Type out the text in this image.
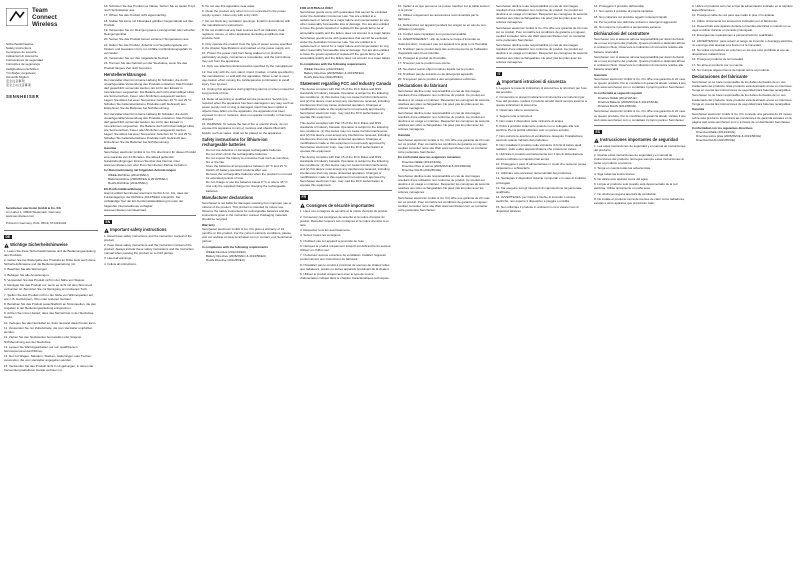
Team
Connect
Wireless
Sicherheitshinweise
Safety instructions
Consignes de sécurité
Indicazioni di sicurezza
Instrucciones de seguridad
Instruções de segurança
Veiligheidsvoorschriften
Υποδείξεις ασφαλείας
Güvenlik bilgileri
安全注意事项
安全上の注意事項
SENNHEISER
Sennheiser electronic GmbH & Co. KG
Am Labor 1, 30900 Wedemark, Germany
www.sennheiser.com
Printed in Germany, Publ. 05/19, 571319/A02
DE
Wichtige Sicherheitshinweise

1. Lesen Sie diese Sicherheitshinweise und die Bedienungsanleitung des Produkts.

2. Geben Sie bei Weitergabe des Produkts an Dritte stets auch diese Sicherheitshinweise und die Bedienungsanleitung mit.

3. Beachten Sie alle Warnungen.

4. Befolgen Sie alle Anweisungen.

5. Verwenden Sie das Produkt nicht in der Nähe von Wasser.

6. Reinigen Sie das Produkt nur, wenn es nicht mit dem Stromnetz verbunden ist. Benutzen Sie zur Reinigung ein trockenes Tuch.

7. Stellen Sie das Produkt nicht in der Nähe von Wärmequellen auf, wie z. B. Heizkörpern, Öfen oder anderen Geräten.

8. Betreiben Sie das Produkt ausschließlich an Stromquellen, die den Angaben in der Bedienungsanleitung entsprechen.

9. Achten Sie immer darauf, dass das Netzteil fest in der Steckdose steckt.

10. Verlegen Sie das Netzkabel so, dass niemand darauf treten kann.

11. Verwenden Sie nur Zubehörteile, die vom Hersteller empfohlen werden.

12. Ziehen Sie den Netzstecker bei Gewitter oder längerer Nichtbenutzung aus der Steckdose.

13. Lassen Sie Wartungsarbeiten nur von qualifiziertem Servicepersonal durchführen.

14. Nur mit Wagen, Ständern, Stativen, Halterungen oder Tischen verwenden, die vom Hersteller angegeben werden.

15. Verwenden Sie das Produkt nicht in Umgebungen, in denen die Verwendung kabelloser Geräte verboten ist.

16. Schützen Sie das Produkt vor Nässe. Setzen Sie es weder Tropf- noch Spritzwasser aus.

17. Öffnen Sie das Produkt nicht eigenmächtig.

18. Stellen Sie keine mit Flüssigkeit gefüllten Gegenstände auf das Produkt.

19. Verwenden Sie zur Reinigung keine Lösungsmittel oder scharfen Reinigungsmittel.

20. Setzen Sie das Produkt keinen extremen Temperaturen aus.

21. Halten Sie das Produkt, Zubehör und Verpackungsteile von Kindern und Haustieren fern, um Unfälle und Erstickungsgefahr zu vermeiden.

22. Verwenden Sie nur das mitgelieferte Netzteil.

23. Trennen Sie das Netzteil von der Steckdose, wenn Sie das Produkt längere Zeit nicht benutzen.

Herstellererklärungen

Der Hersteller übernimmt keine Haftung für Schäden, die durch unsachgemäße Verwendung des Produkts entstehen. Das Produkt darf gewerblich verwendet werden. Es ist für den Einsatz in Innenräumen vorgesehen. Die Batterie darf nicht übermäßiger Hitze wie Sonnenschein, Feuer oder Ähnlichem ausgesetzt werden. Lagern Sie Akkus bei einer Temperatur zwischen 10 °C und 25 °C. Schalten Sie batteriebetriebene Produkte nach Gebrauch aus. Entnehmen Sie die Batterien bei Nichtbenutzung.

Der Hersteller übernimmt keine Haftung für Schäden, die durch unsachgemäße Verwendung des Produkts entstehen. Das Produkt darf gewerblich verwendet werden. Es ist für den Einsatz in Innenräumen vorgesehen. Die Batterie darf nicht übermäßiger Hitze wie Sonnenschein, Feuer oder Ähnlichem ausgesetzt werden. Lagern Sie Akkus bei einer Temperatur zwischen 10 °C und 25 °C. Schalten Sie batteriebetriebene Produkte nach Gebrauch aus. Entnehmen Sie die Batterien bei Nichtbenutzung.

Garantie

Sennheiser electronic GmbH & Co. KG übernimmt für dieses Produkt eine Garantie von 24 Monaten. Die aktuell geltenden Garantiebedingungen können Sie über das Internet unter www.sennheiser.com oder Ihren Sennheiser-Partner beziehen.

In Übereinstimmung mit folgenden Anforderungen
• WEEE-Richtlinie (2012/19/EU)
• Batterierichtlinie (2006/66/EG & 2013/56/EU)
• RoHS-Richtlinie (2011/65/EU)
EU-Konformitätserklärung

Hiermit erklärt Sennheiser electronic GmbH & Co. KG, dass der Funkanlagentyp der Richtlinie 2014/53/EU entspricht. Der vollständige Text der EU-Konformitätserklärung ist unter der folgenden Internetadresse verfügbar: www.sennheiser.com/download.

EN
Important safety instructions

1. Read these safety instructions and the instruction manual of the product.

2. Keep these safety instructions and the instruction manual of the product. Always include these safety instructions and the instruction manual when passing the product on to third parties.

3. Heed all warnings.

4. Follow all instructions.

5. Do not use this apparatus near water.

6. Clean the product only when it is not connected to the power supply system. Clean only with a dry cloth.

7. Do not block any ventilation openings. Install in accordance with the manufacturer's instructions.

8. Do not install near any heat sources such as radiators, heat registers, stoves, or other apparatus (including amplifiers) that produce heat.

9. Only operate the product from the type of power source specified in the chapter Specifications and marked on the power supply unit.

10. Protect the power cord from being walked on or pinched, particularly at plugs, convenience receptacles, and the point where they exit from the apparatus.

11. Only use attachments/accessories specified by the manufacturer.

12. Use only with the cart, stand, tripod, bracket, or table specified by the manufacturer, or sold with the apparatus. When a cart is used, use caution when moving the cart/apparatus combination to avoid injury from tip-over.

13. Unplug this apparatus during lightning storms or when unused for long periods of time.

14. Refer all servicing to qualified service personnel. Servicing is required when the apparatus has been damaged in any way, such as power supply cord or plug is damaged, liquid has been spilled or objects have fallen into the apparatus, the apparatus has been exposed to rain or moisture, does not operate normally, or has been dropped.

15. WARNING: To reduce the risk of fire or electric shock, do not expose this apparatus to rain or moisture and objects filled with liquids, such as vases, shall not be placed on the apparatus.

Safety instructions for lithium-ion rechargeable batteries
• Do not use defective or damaged rechargeable batteries.
• Do not short-circuit the rechargeable batteries.
• Do not expose the battery to excessive heat such as sunshine, fire or the like.
• Store the batteries at temperatures between 10 °C and 25 °C.
• Switch off battery-operated products after use.
• Remove the rechargeable batteries when the product is not used for extended periods of time.
• Do not charge or use the batteries below 0 °C or above 45 °C.
• Use only the supplied charger for charging the rechargeable batteries.
Manufacturer declarations

Sennheiser is not liable for damages resulting from improper use or misuse of the product. This product is intended for indoor use. Observe the safety instructions for rechargeable batteries and the instructions given in the instruction manual. Packaging materials should be recycled.

Warranty

Sennheiser electronic GmbH & Co. KG gives a warranty of 24 months on this product. For the current warranty conditions, please visit our website at www.sennheiser.com or contact your Sennheiser partner.

In compliance with the following requirements
• WEEE Directive (2012/19/EU)
• Battery Directive (2006/66/EC & 2013/56/EU)
• RoHS Directive (2011/65/EU)
FOR AUSTRALIA ONLY

Sennheiser goods come with guarantees that cannot be excluded under the Australian Consumer Law. You are entitled to a replacement or refund for a major failure and compensation for any other reasonably foreseeable loss or damage. You are also entitled to have the goods repaired or replaced if the goods fail to be of acceptable quality and the failure does not amount to a major failure.

Sennheiser goods come with guarantees that cannot be excluded under the Australian Consumer Law. You are entitled to a replacement or refund for a major failure and compensation for any other reasonably foreseeable loss or damage. You are also entitled to have the goods repaired or replaced if the goods fail to be of acceptable quality and the failure does not amount to a major failure.

In compliance with the following requirements
• WEEE Directive (2012/19/EU)
• Battery Directive (2006/66/EC & 2013/56/EU)
• RoHS Directive (2011/65/EU)
Statement regarding FCC and Industry Canada

This device complies with Part 15 of the FCC Rules and RSS standards of Industry Canada. Operation is subject to the following two conditions: (1) this device may not cause harmful interference, and (2) this device must accept any interference received, including interference that may cause undesired operation. Changes or modifications made to this equipment not expressly approved by Sennheiser electronic Corp. may void the FCC authorization to operate this equipment.

This device complies with Part 15 of the FCC Rules and RSS standards of Industry Canada. Operation is subject to the following two conditions: (1) this device may not cause harmful interference, and (2) this device must accept any interference received, including interference that may cause undesired operation. Changes or modifications made to this equipment not expressly approved by Sennheiser electronic Corp. may void the FCC authorization to operate this equipment.

This device complies with Part 15 of the FCC Rules and RSS standards of Industry Canada. Operation is subject to the following two conditions: (1) this device may not cause harmful interference, and (2) this device must accept any interference received, including interference that may cause undesired operation. Changes or modifications made to this equipment not expressly approved by Sennheiser electronic Corp. may void the FCC authorization to operate this equipment.

FR
Consignes de sécurité importantes

1. Lisez ces consignes de sécurité et la notice d'emploi du produit.

2. Conservez ces consignes de sécurité et la notice d'emploi du produit. Remettez toujours ces consignes et la notice d'emploi à un tiers.

3. Respectez tous les avertissements.

4. Suivez toutes les consignes.

5. N'utilisez pas cet appareil à proximité de l'eau.

6. Nettoyez le produit uniquement lorsqu'il est débranché du secteur. Utilisez un chiffon sec.

7. N'obstruez aucune ouverture de ventilation. Installez l'appareil conformément aux instructions du fabricant.

8. N'installez pas le produit à proximité de sources de chaleur telles que radiateurs, poêles ou autres appareils produisant de la chaleur.

9. Utilisez le produit uniquement avec le type de source d'alimentation indiqué dans le chapitre Caractéristiques techniques.

10. Veillez à ce que personne ne puisse marcher sur le câble secteur ni le pincer.

11. Utilisez uniquement les accessoires recommandés par le fabricant.

12. Débranchez cet appareil pendant les orages ou en cas de non-utilisation prolongée.

13. Confiez toute réparation à un personnel qualifié.

14. AVERTISSEMENT : afin de réduire le risque d'incendie ou d'électrocution, n'exposez pas cet appareil à la pluie ou à l'humidité.

15. N'utilisez pas le produit dans des environnements où l'utilisation d'appareils sans fil est interdite.

16. Protégez le produit de l'humidité.

17. N'ouvrez pas le produit vous-même.

18. Ne placez aucun objet rempli de liquide sur le produit.

19. N'utilisez pas de solvants ou de détergents agressifs.

20. N'exposez pas le produit à des températures extrêmes.

Déclarations du fabricant

Sennheiser décline toute responsabilité en cas de dommages résultant d'une utilisation non conforme du produit. Ce produit est destiné à un usage en intérieur. Respectez les consignes de sécurité relatives aux piles rechargeables. Ne jetez pas les piles avec les ordures ménagères.

Sennheiser décline toute responsabilité en cas de dommages résultant d'une utilisation non conforme du produit. Ce produit est destiné à un usage en intérieur. Respectez les consignes de sécurité relatives aux piles rechargeables. Ne jetez pas les piles avec les ordures ménagères.

Garantie

Sennheiser electronic GmbH & Co. KG offre une garantie de 24 mois sur ce produit. Pour connaître les conditions de garantie en vigueur, veuillez consulter notre site Web www.sennheiser.com ou contacter votre partenaire Sennheiser.

En conformité avec les exigences suivantes
• Directive DEEE (2012/19/UE)
• Directive Piles et accus (2006/66/CE & 2013/56/UE)
• Directive RoHS (2011/65/UE)

Sennheiser décline toute responsabilité en cas de dommages résultant d'une utilisation non conforme du produit. Ce produit est destiné à un usage en intérieur. Respectez les consignes de sécurité relatives aux piles rechargeables. Ne jetez pas les piles avec les ordures ménagères.

Sennheiser electronic GmbH & Co. KG offre une garantie de 24 mois sur ce produit. Pour connaître les conditions de garantie en vigueur, veuillez consulter notre site Web www.sennheiser.com ou contacter votre partenaire Sennheiser.

Sennheiser décline toute responsabilité en cas de dommages résultant d'une utilisation non conforme du produit. Ce produit est destiné à un usage en intérieur. Respectez les consignes de sécurité relatives aux piles rechargeables. Ne jetez pas les piles avec les ordures ménagères.

Sennheiser electronic GmbH & Co. KG offre une garantie de 24 mois sur ce produit. Pour connaître les conditions de garantie en vigueur, veuillez consulter notre site Web www.sennheiser.com ou contacter votre partenaire Sennheiser.

Sennheiser décline toute responsabilité en cas de dommages résultant d'une utilisation non conforme du produit. Ce produit est destiné à un usage en intérieur. Respectez les consignes de sécurité relatives aux piles rechargeables. Ne jetez pas les piles avec les ordures ménagères.

IT
Importanti istruzioni di sicurezza

1. Leggere le presenti indicazioni di sicurezza e le istruzioni per l'uso del prodotto.

2. Conservare le presenti indicazioni di sicurezza e le istruzioni per l'uso del prodotto. Cedere il prodotto ad altri utenti sempre insieme a queste indicazioni di sicurezza.

3. Osservare tutte le avvertenze.

4. Seguire tutte le istruzioni.

5. Non usare il dispositivo nelle vicinanze di acqua.

6. Pulire il prodotto solamente quando non è collegato alla rete elettrica. Per la pulizia utilizzare solo un panno asciutto.

7. Non ostruire le aperture di ventilazione. Eseguire l'installazione secondo quanto indicato dal produttore.

8. Non installare il prodotto nelle vicinanze di fonti di calore quali radiatori, stufe o altre apparecchiature che producono calore.

9. Utilizzare il prodotto esclusivamente con il tipo di alimentazione elettrica indicato nel capitolo Dati tecnici.

10. Proteggere il cavo di alimentazione in modo che nessuno possa calpestarlo o schiacciarlo.

11. Utilizzare solo accessori raccomandati dal produttore.

12. Scollegare il dispositivo durante i temporali o in caso di inutilizzo prolungato.

13. Far eseguire tutti gli interventi di manutenzione da personale qualificato.

14. AVVERTENZA: per ridurre il rischio di incendio o scosse elettriche, non esporre il dispositivo a pioggia o umidità.

15. Non utilizzare il prodotto in ambienti in cui è vietato l'uso di dispositivi wireless.

16. Proteggere il prodotto dall'umidità.

17. Non aprire il prodotto di propria iniziativa.

18. Non collocare sul prodotto oggetti contenenti liquidi.

19. Per la pulizia non utilizzare solventi o detergenti aggressivi.

20. Non esporre il prodotto a temperature estreme.

Dichiarazioni del costruttore

Sennheiser non si assume alcuna responsabilità per danni derivanti da un uso improprio del prodotto. Questo prodotto è destinato all'uso in ambienti chiusi. Osservare le indicazioni di sicurezza relative alle batterie ricaricabili.

Sennheiser non si assume alcuna responsabilità per danni derivanti da un uso improprio del prodotto. Questo prodotto è destinato all'uso in ambienti chiusi. Osservare le indicazioni di sicurezza relative alle batterie ricaricabili.

Garanzia

Sennheiser electronic GmbH & Co. KG offre una garanzia di 24 mesi su questo prodotto. Per le condizioni di garanzia attuali, visitare il sito web www.sennheiser.com o contattare il proprio partner Sennheiser.

In conformità ai seguenti requisiti
• Direttiva RAEE (2012/19/UE)
• Direttiva Batterie (2006/66/CE & 2013/56/UE)
• Direttiva RoHS (2011/65/UE)

Sennheiser electronic GmbH & Co. KG offre una garanzia di 24 mesi su questo prodotto. Per le condizioni di garanzia attuali, visitare il sito web www.sennheiser.com o contattare il proprio partner Sennheiser.

ES
Instrucciones importantes de seguridad

1. Lea estas instrucciones de seguridad y el manual de instrucciones del producto.

2. Guarde estas instrucciones de seguridad y el manual de instrucciones del producto. Entregue siempre estas instrucciones al ceder el producto a terceros.

3. Tenga en cuenta todas las advertencias.

4. Siga todas las instrucciones.

5. No utilice este aparato cerca del agua.

6. Limpie el producto solo cuando esté desconectado de la red eléctrica. Utilice únicamente un paño seco.

7. No obstruya ninguna apertura de ventilación.

8. No instale el producto cerca de fuentes de calor como radiadores, estufas u otros aparatos que produzcan calor.

9. Utilice el producto solo con el tipo de alimentación indicado en el capítulo Especificaciones.

10. Proteja el cable de red para que nadie lo pise ni lo aplaste.

11. Utilice únicamente los accesorios indicados por el fabricante.

12. Desenchufe este aparato durante tormentas eléctricas o cuando no se vaya a utilizar durante un periodo prolongado.

13. Encargue las reparaciones a personal técnico cualificado.

14. ADVERTENCIA: para reducir el riesgo de incendio o descarga eléctrica, no exponga este aparato a la lluvia ni a la humedad.

15. No utilice el producto en entornos en los que esté prohibido el uso de dispositivos inalámbricos.

16. Proteja el producto de la humedad.

17. No abra el producto por su cuenta.

18. No coloque objetos llenos de líquido sobre el producto.

Declaraciones del fabricante

Sennheiser no se hace responsable de los daños derivados de un uso inadecuado del producto. Este producto está destinado al uso en interiores. Tenga en cuenta las instrucciones de seguridad para baterías recargables.

Sennheiser no se hace responsable de los daños derivados de un uso inadecuado del producto. Este producto está destinado al uso en interiores. Tenga en cuenta las instrucciones de seguridad para baterías recargables.

Garantía

Sennheiser electronic GmbH & Co. KG concede una garantía de 24 meses sobre este producto. Encontrará las condiciones de garantía actuales en la página web www.sennheiser.com o a través de su distribuidor Sennheiser.

Conformidad con los siguientes directivas
• Directiva RAEE (2012/19/UE)
• Directiva sobre pilas (2006/66/CE & 2013/56/UE)
• Directiva RoHS (2011/65/UE)
